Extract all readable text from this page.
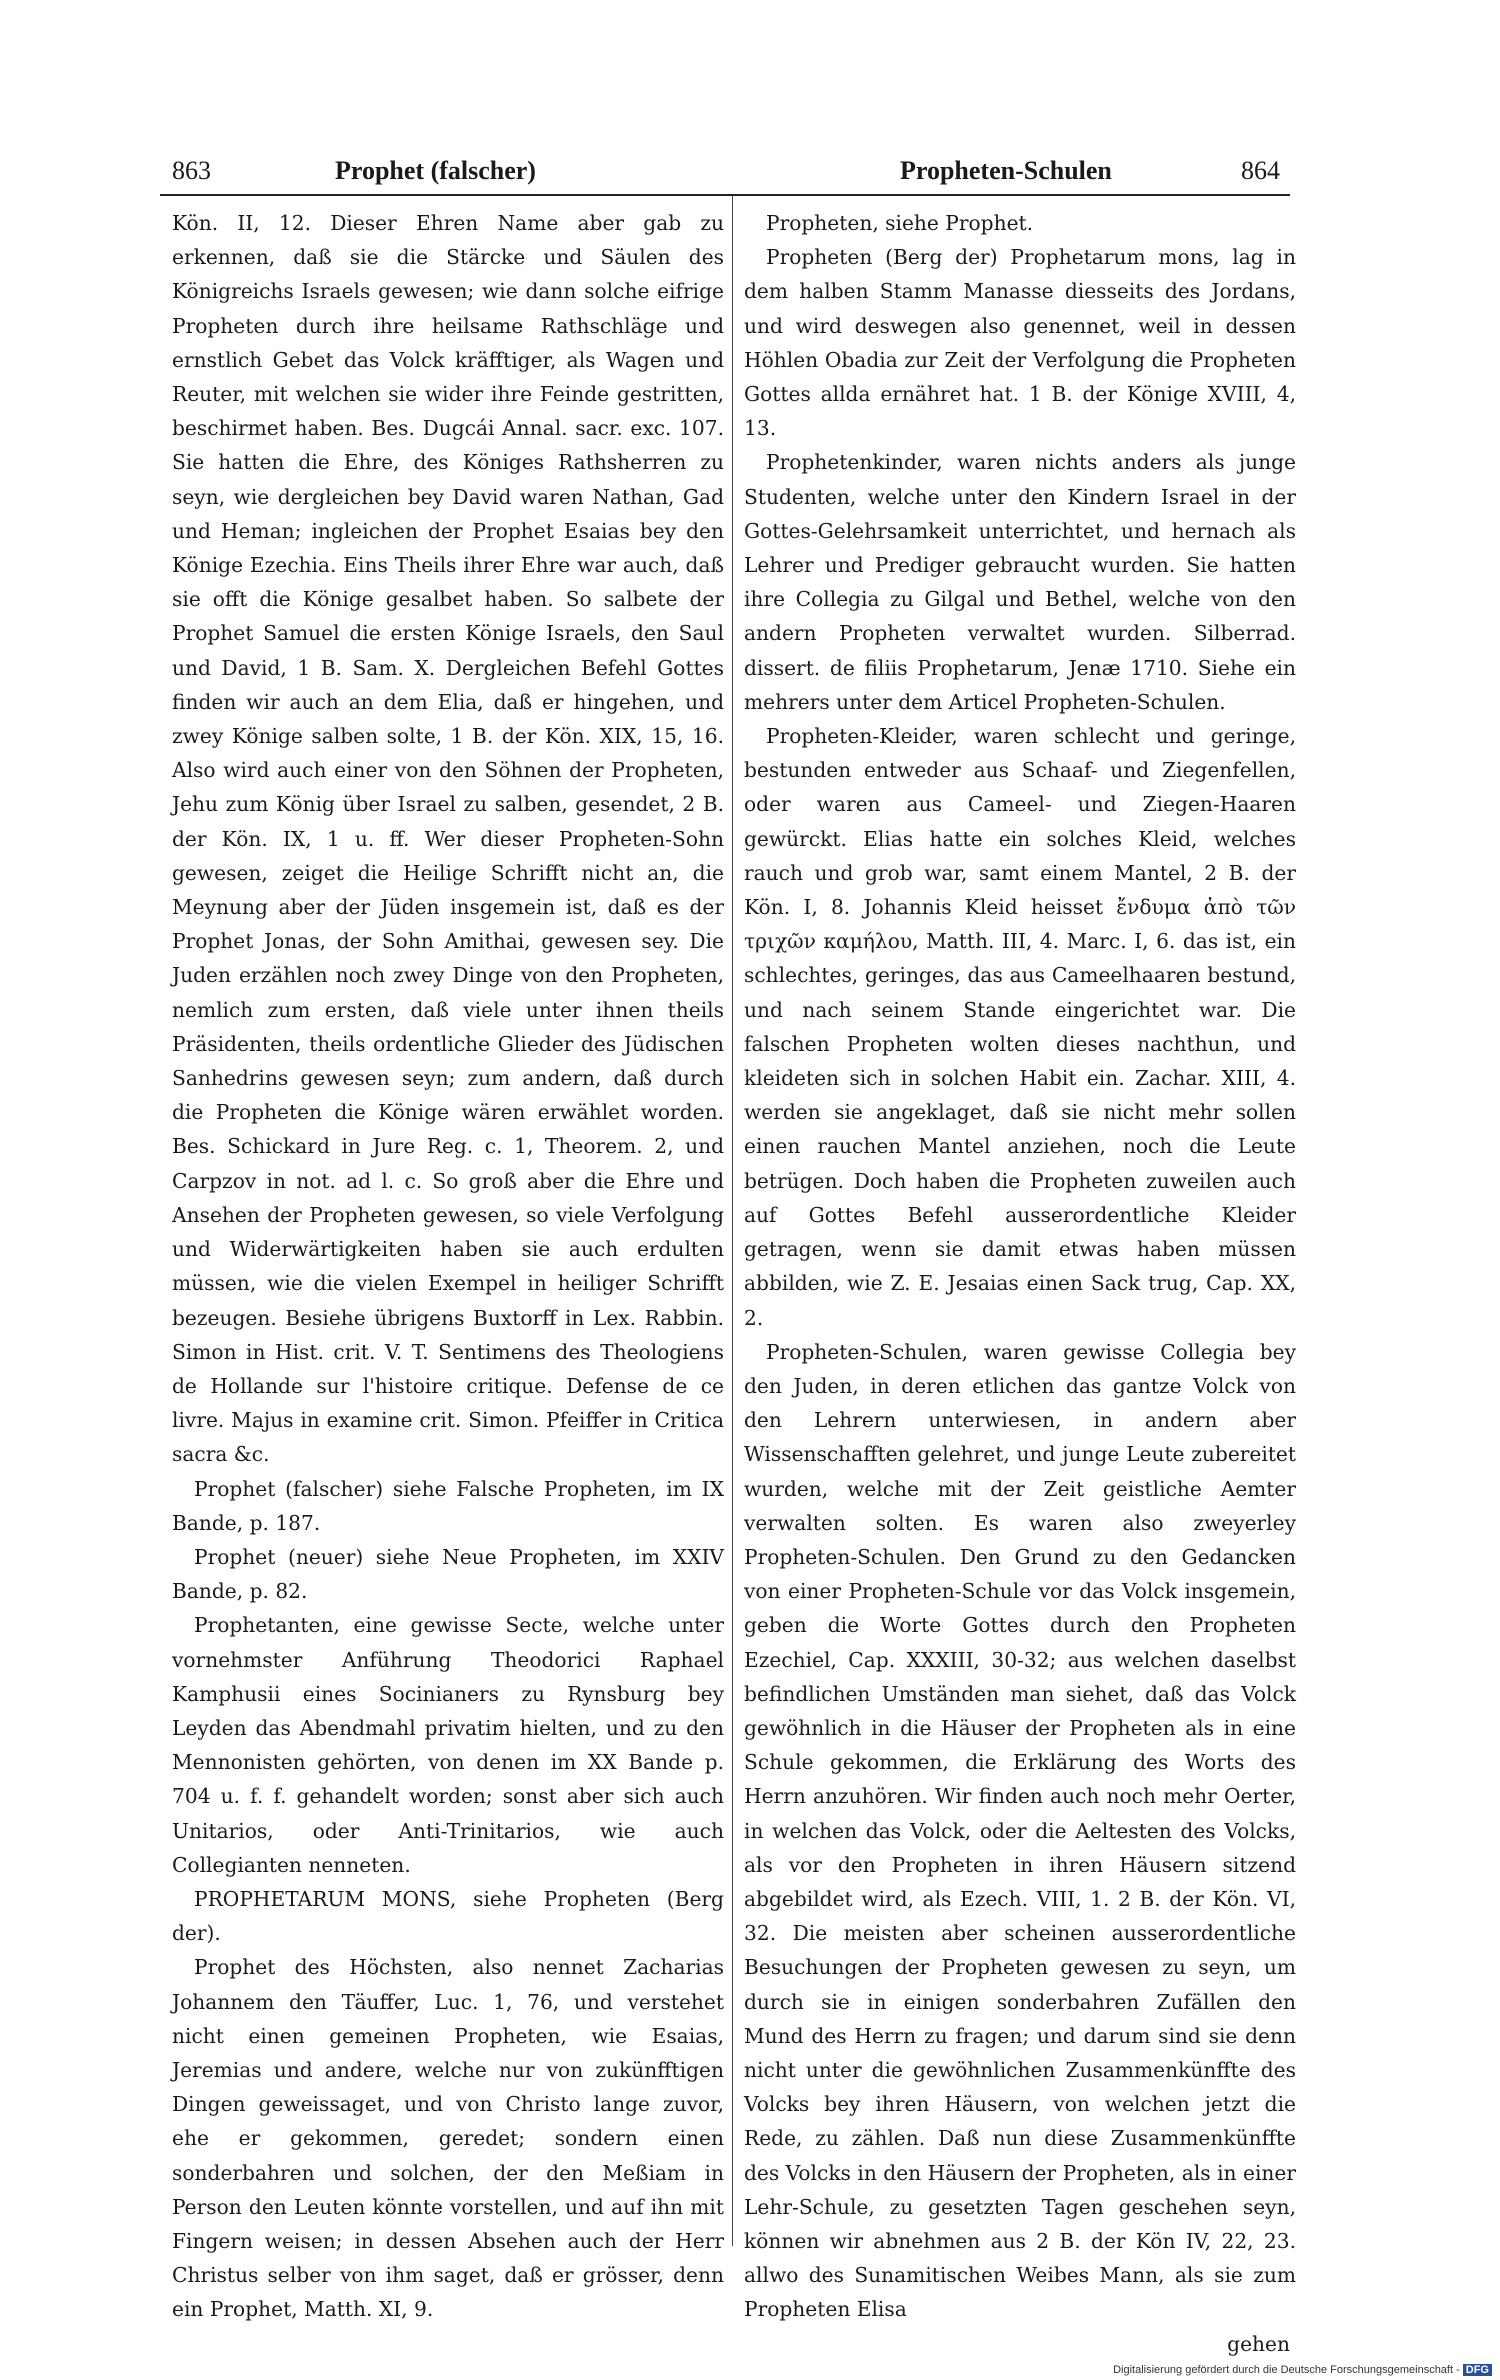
863	Prophet (falscher)	Propheten-Schulen	864

Kön. II, 12. Dieser Ehren Name aber gab zu erkennen, daß sie die Stärcke und Säulen des Königreichs Israels gewesen; wie dann solche eifrige Propheten durch ihre heilsame Rathschläge und ernstlich Gebet das Volck kräfftiger, als Wagen und Reuter, mit welchen sie wider ihre Feinde gestritten, beschirmet haben. Bes. Dugcái Annal. sacr. exc. 107. Sie hatten die Ehre, des Königes Rathsherren zu seyn, wie dergleichen bey David waren Nathan, Gad und Heman; ingleichen der Prophet Esaias bey den Könige Ezechia. Eins Theils ihrer Ehre war auch, daß sie offt die Könige gesalbet haben. So salbete der Prophet Samuel die ersten Könige Israels, den Saul und David, 1 B. Sam. X. Dergleichen Befehl Gottes finden wir auch an dem Elia, daß er hingehen, und zwey Könige salben solte, 1 B. der Kön. XIX, 15, 16. Also wird auch einer von den Söhnen der Propheten, Jehu zum König über Israel zu salben, gesendet, 2 B. der Kön. IX, 1 u. ff. Wer dieser Propheten-Sohn gewesen, zeiget die Heilige Schrifft nicht an, die Meynung aber der Jüden insgemein ist, daß es der Prophet Jonas, der Sohn Amithai, gewesen sey. Die Juden erzählen noch zwey Dinge von den Propheten, nemlich zum ersten, daß viele unter ihnen theils Präsidenten, theils ordentliche Glieder des Jüdischen Sanhedrins gewesen seyn; zum andern, daß durch die Propheten die Könige wären erwählet worden. Bes. Schickard in Jure Reg. c. 1, Theorem. 2, und Carpzov in not. ad l. c. So groß aber die Ehre und Ansehen der Propheten gewesen, so viele Verfolgung und Widerwärtigkeiten haben sie auch erdulten müssen, wie die vielen Exempel in heiliger Schrifft bezeugen. Besiehe übrigens Buxtorff in Lex. Rabbin. Simon in Hist. crit. V. T. Sentimens des Theologiens de Hollande sur l'histoire critique. Defense de ce livre. Majus in examine crit. Simon. Pfeiffer in Critica sacra &c.

Prophet (falscher) siehe Falsche Propheten, im IX Bande, p. 187.

Prophet (neuer) siehe Neue Propheten, im XXIV Bande, p. 82.

Prophetanten, eine gewisse Secte, welche unter vornehmster Anführung Theodorici Raphael Kamphusii eines Socinianers zu Rynsburg bey Leyden das Abendmahl privatim hielten, und zu den Mennonisten gehörten, von denen im XX Bande p. 704 u. f. f. gehandelt worden; sonst aber sich auch Unitarios, oder Anti-Trinitarios, wie auch Collegianten nenneten.

PROPHETARUM MONS, siehe Propheten (Berg der).

Prophet des Höchsten, also nennet Zacharias Johannem den Täuffer, Luc. 1, 76, und verstehet nicht einen gemeinen Propheten, wie Esaias, Jeremias und andere, welche nur von zukünfftigen Dingen geweissaget, und von Christo lange zuvor, ehe er gekommen, geredet; sondern einen sonderbahren und solchen, der den Meßiam in Person den Leuten könnte vorstellen, und auf ihn mit Fingern weisen; in dessen Absehen auch der Herr Christus selber von ihm saget, daß er grösser, denn ein Prophet, Matth. XI, 9.

Propheten, siehe Prophet.

Propheten (Berg der) Prophetarum mons, lag in dem halben Stamm Manasse diesseits des Jordans, und wird deswegen also genennet, weil in dessen Höhlen Obadia zur Zeit der Verfolgung die Propheten Gottes allda ernähret hat. 1 B. der Könige XVIII, 4, 13.

Prophetenkinder, waren nichts anders als junge Studenten, welche unter den Kindern Israel in der Gottes-Gelehrsamkeit unterrichtet, und hernach als Lehrer und Prediger gebraucht wurden. Sie hatten ihre Collegia zu Gilgal und Bethel, welche von den andern Propheten verwaltet wurden. Silberrad. dissert. de filiis Prophetarum, Jenæ 1710. Siehe ein mehrers unter dem Articel Propheten-Schulen.

Propheten-Kleider, waren schlecht und geringe, bestunden entweder aus Schaaf- und Ziegenfellen, oder waren aus Cameel- und Ziegen-Haaren gewürckt. Elias hatte ein solches Kleid, welches rauch und grob war, samt einem Mantel, 2 B. der Kön. I, 8. Johannis Kleid heisset ἔνδυμα ἀπὸ τῶν τριχῶν καμήλου, Matth. III, 4. Marc. I, 6. das ist, ein schlechtes, geringes, das aus Cameelhaaren bestund, und nach seinem Stande eingerichtet war. Die falschen Propheten wolten dieses nachthun, und kleideten sich in solchen Habit ein. Zachar. XIII, 4. werden sie angeklaget, daß sie nicht mehr sollen einen rauchen Mantel anziehen, noch die Leute betrügen. Doch haben die Propheten zuweilen auch auf Gottes Befehl ausserordentliche Kleider getragen, wenn sie damit etwas haben müssen abbilden, wie Z. E. Jesaias einen Sack trug, Cap. XX, 2.

Propheten-Schulen, waren gewisse Collegia bey den Juden, in deren etlichen das gantze Volck von den Lehrern unterwiesen, in andern aber Wissenschafften gelehret, und junge Leute zubereitet wurden, welche mit der Zeit geistliche Aemter verwalten solten. Es waren also zweyerley Propheten-Schulen. Den Grund zu den Gedancken von einer Propheten-Schule vor das Volck insgemein, geben die Worte Gottes durch den Propheten Ezechiel, Cap. XXXIII, 30-32; aus welchen daselbst befindlichen Umständen man siehet, daß das Volck gewöhnlich in die Häuser der Propheten als in eine Schule gekommen, die Erklärung des Worts des Herrn anzuhören. Wir finden auch noch mehr Oerter, in welchen das Volck, oder die Aeltesten des Volcks, als vor den Propheten in ihren Häusern sitzend abgebildet wird, als Ezech. VIII, 1. 2 B. der Kön. VI, 32. Die meisten aber scheinen ausserordentliche Besuchungen der Propheten gewesen zu seyn, um durch sie in einigen sonderbahren Zufällen den Mund des Herrn zu fragen; und darum sind sie denn nicht unter die gewöhnlichen Zusammenkünffte des Volcks bey ihren Häusern, von welchen jetzt die Rede, zu zählen. Daß nun diese Zusammenkünffte des Volcks in den Häusern der Propheten, als in einer Lehr-Schule, zu gesetzten Tagen geschehen seyn, können wir abnehmen aus 2 B. der Kön IV, 22, 23. allwo des Sunamitischen Weibes Mann, als sie zum Propheten Elisa

gehen

Digitalisierung gefördert durch die Deutsche Forschungsgemeinschaft - DFG
